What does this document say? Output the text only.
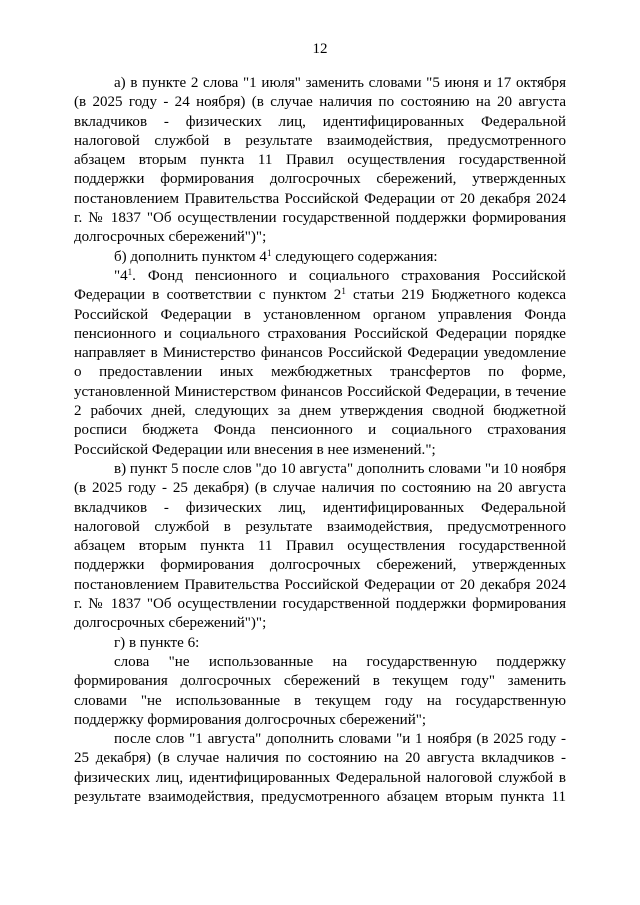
12

а) в пункте 2 слова "1 июля" заменить словами "5 июня и 17 октября (в 2025 году - 24 ноября) (в случае наличия по состоянию на 20 августа вкладчиков - физических лиц, идентифицированных Федеральной налоговой службой в результате взаимодействия, предусмотренного абзацем вторым пункта 11 Правил осуществления государственной поддержки формирования долгосрочных сбережений, утвержденных постановлением Правительства Российской Федерации от 20 декабря 2024 г. № 1837 "Об осуществлении государственной поддержки формирования долгосрочных сбережений")";

б) дополнить пунктом $4^1$ следующего содержания:

"$4^1$. Фонд пенсионного и социального страхования Российской Федерации в соответствии с пунктом $2^1$ статьи 219 Бюджетного кодекса Российской Федерации в установленном органом управления Фонда пенсионного и социального страхования Российской Федерации порядке направляет в Министерство финансов Российской Федерации уведомление о предоставлении иных межбюджетных трансфертов по форме, установленной Министерством финансов Российской Федерации, в течение 2 рабочих дней, следующих за днем утверждения сводной бюджетной росписи бюджета Фонда пенсионного и социального страхования Российской Федерации или внесения в нее изменений.";

в) пункт 5 после слов "до 10 августа" дополнить словами "и 10 ноября (в 2025 году - 25 декабря) (в случае наличия по состоянию на 20 августа вкладчиков - физических лиц, идентифицированных Федеральной налоговой службой в результате взаимодействия, предусмотренного абзацем вторым пункта 11 Правил осуществления государственной поддержки формирования долгосрочных сбережений, утвержденных постановлением Правительства Российской Федерации от 20 декабря 2024 г. № 1837 "Об осуществлении государственной поддержки формирования долгосрочных сбережений")";

г) в пункте 6:

слова "не использованные на государственную поддержку формирования долгосрочных сбережений в текущем году" заменить словами "не использованные в текущем году на государственную поддержку формирования долгосрочных сбережений";

после слов "1 августа" дополнить словами "и 1 ноября (в 2025 году - 25 декабря) (в случае наличия по состоянию на 20 августа вкладчиков - физических лиц, идентифицированных Федеральной налоговой службой в результате взаимодействия, предусмотренного абзацем вторым пункта 11
